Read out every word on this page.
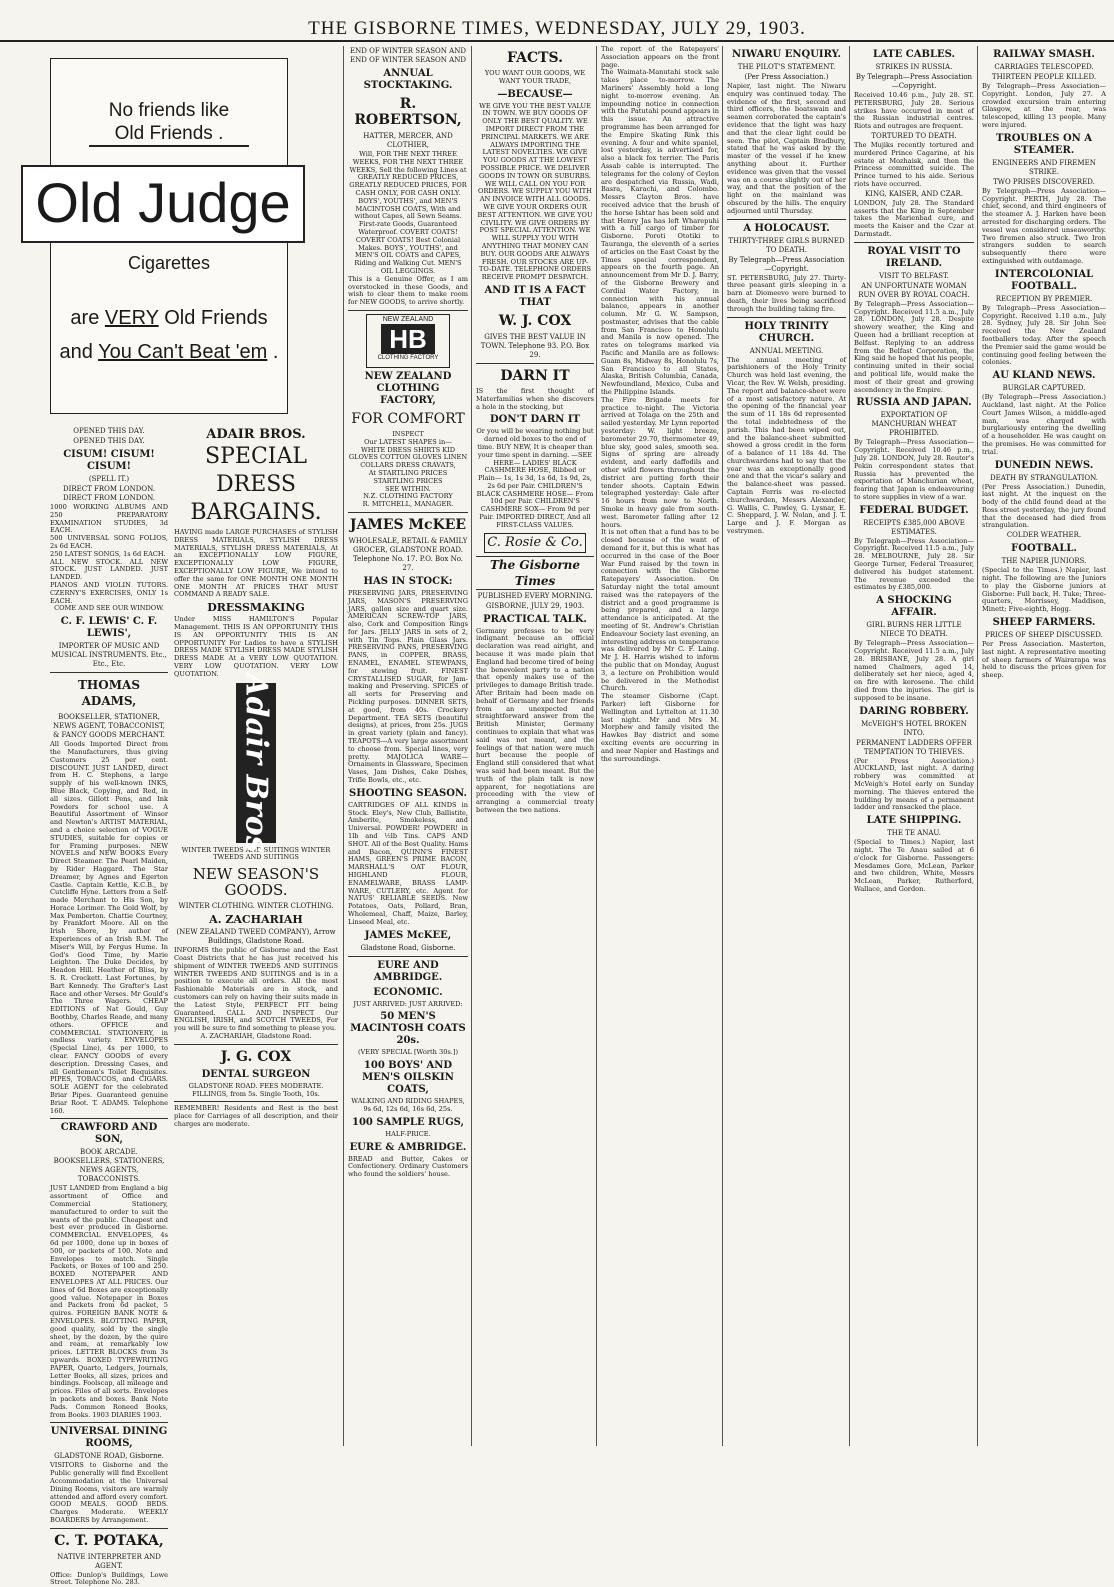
THE GISBORNE TIMES, WEDNESDAY, JULY 29, 1903.
No friends like
Old Friends .
Old Judge
Cigarettes
are VERY Old Friends
and You Can't Beat 'em .
OPENED THIS DAY.
OPENED THIS DAY.
CISUM! CISUM! CISUM!
(SPELL IT.)
DIRECT FROM LONDON. DIRECT FROM LONDON.
1000 WORKING ALBUMS AND 250 PREPARATORY EXAMINATION STUDIES, 3d EACH.
500 UNIVERSAL SONG FOLIOS, 2s 6d EACH.
250 LATEST SONGS, 1s 6d EACH.
ALL NEW STOCK. ALL NEW STOCK. JUST LANDED. JUST LANDED.
PIANOS AND VIOLIN TUTORS. CZERNY'S EXERCISES, ONLY 1s EACH.
COME AND SEE OUR WINDOW.
C. F. LEWIS' C. F. LEWIS',
IMPORTER OF MUSIC AND MUSICAL INSTRUMENTS. Etc., Etc., Etc.
THOMAS ADAMS,
BOOKSELLER, STATIONER, NEWS AGENT, TOBACCONIST, & FANCY GOODS MERCHANT.
All Goods Imported Direct from the Manufacturers, thus giving Customers 25 per cent. DISCOUNT. JUST LANDED, direct from H. C. Stephens, a large supply of his well-known INKS, Blue Black, Copying, and Red, in all sizes. Gillott Pens, and Ink Powders for school use. A Beautiful Assortment of Winsor and Newton's ARTIST MATERIAL, and a choice selection of VOGUE STUDIES, suitable for copies or for Framing purposes. NEW NOVELS and NEW BOOKS Every Direct Steamer. The Pearl Maiden, by Rider Haggard. The Star Dreamer, by Agnes and Egerton Castle. Captain Kettle, K.C.B., by Cutcliffe Hyne. Letters from a Self-made Merchant to His Son, by Horace Lorimer. The Gold Wolf, by Max Pemberton. Chattie Courtney, by Frankfort Moore. All on the Irish Shore, by author of Experiences of an Irish R.M. The Miser's Will, by Fergus Hume. In God's Good Time, by Marie Leighton. The Duke Decides, by Headon Hill. Heather of Bliss, by S. R. Crockett. Last Fortunes, by Bart Kennedy. The Grafter's Last Race and other Verses. Mr Gould's The Three Wagers. CHEAP EDITIONS of Nat Gould, Guy Boothby, Charles Reade, and many others. OFFICE and COMMERCIAL STATIONERY, in endless variety. ENVELOPES (Special Line), 4s per 1000, to clear. FANCY GOODS of every description. Dressing Cases, and all Gentlemen's Toilet Requisites. PIPES, TOBACCOS, and CIGARS. SOLE AGENT for the celebrated Briar Pipes. Guaranteed genuine Briar Root. T. ADAMS. Telephone 160.
CRAWFORD AND SON,
BOOK ARCADE. BOOKSELLERS, STATIONERS, NEWS AGENTS, TOBACCONISTS.
JUST LANDED from England a big assortment of Office and Commercial Stationery, manufactured to order to suit the wants of the public. Cheapest and best ever produced in Gisborne. COMMERCIAL ENVELOPES, 4s 6d per 1000, done up in boxes of 500, or packets of 100. Note and Envelopes to match. Single Packets, or Boxes of 100 and 250. BOXED NOTEPAPER AND ENVELOPES AT ALL PRICES. Our lines of 6d Boxes are exceptionally good value. Notepaper in Boxes and Packets from 6d packet, 5 quires. FOREIGN BANK NOTE & ENVELOPES. BLOTTING PAPER, good quality, sold by the single sheet, by the dozen, by the quire and ream, at remarkably low prices. LETTER BLOCKS from 3s upwards. BOXED TYPEWRITING PAPER, Quarto, Ledgers, Journals, Letter Books, all sizes, prices and bindings. Foolscap, all mileage and prices. Files of all sorts. Envelopes in packets and boxes. Bank Note Pads. Common Roneed Books, from Books. 1903 DIARIES 1903.
UNIVERSAL DINING ROOMS,
GLADSTONE ROAD, Gisborne.
VISITORS to Gisborne and the Public generally will find Excellent Accommodation at the Universal Dining Rooms, visitors are warmly attended and afford every comfort. GOOD MEALS. GOOD BEDS. Charges Moderate. WEEKLY BOARDERS by Arrangement.
C. T. POTAKA,
NATIVE INTERPRETER AND AGENT.
Office: Dunlop's Buildings, Lowe Street. Telephone No. 283.
ADAIR BROS.
SPECIAL
DRESS
BARGAINS.
HAVING made LARGE PURCHASES of STYLISH DRESS MATERIALS, STYLISH DRESS MATERIALS, STYLISH DRESS MATERIALS, At an EXCEPTIONALLY LOW FIGURE, EXCEPTIONALLY LOW FIGURE, EXCEPTIONALLY LOW FIGURE, We intend to offer the same for ONE MONTH ONE MONTH ONE MONTH AT PRICES THAT MUST COMMAND A READY SALE.
DRESSMAKING
Under MISS HAMILTON'S Popular Management. THIS IS AN OPPORTUNITY THIS IS AN OPPORTUNITY THIS IS AN OPPORTUNITY For Ladies to have a STYLISH DRESS MADE STYLISH DRESS MADE STYLISH DRESS MADE At a VERY LOW QUOTATION. VERY LOW QUOTATION. VERY LOW QUOTATION. Adair Bros
WINTER TWEEDS AND SUITINGS WINTER TWEEDS AND SUITINGS
NEW SEASON'S GOODS.
WINTER CLOTHING. WINTER CLOTHING.
A. ZACHARIAH
(NEW ZEALAND TWEED COMPANY), Arrow Buildings, Gladstone Road.
INFORMS the public of Gisborne and the East Coast Districts that he has just received his shipment of WINTER TWEEDS AND SUITINGS WINTER TWEEDS AND SUITINGS and is in a position to execute all orders. All the most Fashionable Materials are in stock, and customers can rely on having their suits made in the Latest Style, PERFECT FIT being Guaranteed. CALL AND INSPECT Our ENGLISH, IRISH, and SCOTCH TWEEDS, For you will be sure to find something to please you.
A. ZACHARIAH, Gladstone Road.
J. G. COX
DENTAL SURGEON
GLADSTONE ROAD. FEES MODERATE. FILLINGS, from 5s. Single Tooth, 10s.
REMEMBER! Residents and Rest is the best place for Carriages of all description, and their charges are moderate.
END OF WINTER SEASON AND END OF WINTER SEASON AND
ANNUAL STOCKTAKING.
R. ROBERTSON,
HATTER, MERCER, AND CLOTHIER,
Will, FOR THE NEXT THREE WEEKS, FOR THE NEXT THREE WEEKS, Sell the following Lines at GREATLY REDUCED PRICES, GREATLY REDUCED PRICES, FOR CASH ONLY, FOR CASH ONLY. BOYS', YOUTHS', and MEN'S MACINTOSH COATS, With and without Capes, all Sewn Seams. First-rate Goods, Guaranteed Waterproof. COVERT COATS! COVERT COATS! Best Colonial Makes. BOYS', YOUTHS', and MEN'S OIL COATS and CAPES, Riding and Walking Cut. MEN'S OIL LEGGINGS.
This is a Genuine Offer, as I am overstocked in these Goods, and wish to clear them to make room for NEW GOODS, to arrive shortly.
NEW ZEALAND
HB
CLOTHING FACTORY
NEW ZEALAND CLOTHING FACTORY,
FOR COMFORT
INSPECT
Our LATEST SHAPES in—
WHITE DRESS SHIRTS KID GLOVES COTTON GLOVES LINEN COLLARS DRESS CRAVATS,
At STARTLING PRICES STARTLING PRICES
SEE WITHIN.
N.Z. CLOTHING FACTORY
R. MITCHELL, MANAGER.
JAMES McKEE
WHOLESALE, RETAIL & FAMILY GROCER, GLADSTONE ROAD. Telephone No. 17. P.O. Box No. 27.
HAS IN STOCK:
PRESERVING JARS, PRESERVING JARS, MASON'S PRESERVING JARS, gallon size and quart size. AMERICAN SCREW-TOP JARS, also, Cork and Composition Rings for Jars. JELLY JARS in sets of 2, with Tin Tops. Plain Glass Jars. PRESERVING PANS, PRESERVING PANS, in COPPER, BRASS, ENAMEL, ENAMEL STEWPANS, for stewing fruit. FINEST CRYSTALLISED SUGAR, for Jam-making and Preserving. SPICES of all sorts for Preserving and Pickling purposes. DINNER SETS, at good, from 40s. Crockery Department. TEA SETS (beautiful designs), at prices, from 25s. JUGS in great variety (plain and fancy). TEAPOTS—A very large assortment to choose from. Special lines, very pretty. MAJOLICA WARE—Ornaments in Glassware, Specimen Vases, Jam Dishes, Cake Dishes, Trifle Bowls, etc., etc.
SHOOTING SEASON.
CARTRIDGES OF ALL KINDS in Stock. Eley's, New Club, Ballistite, Amberite, Smokeless, and Universal. POWDER! POWDER! in 1lb and ½lb Tins. CAPS AND SHOT. All of the Best Quality. Hams and Bacon, QUINN'S FINEST HAMS, GREEN'S PRIME BACON, MARSHALL'S OAT FLOUR, HIGHLAND FLOUR, ENAMELWARE, BRASS LAMP-WARE, CUTLERY, etc. Agent for NATUS' RELIABLE SEEDS. New Potatoes, Oats, Pollard, Bran, Wholemeal, Chaff, Maize, Barley, Linseed Meal, etc.
JAMES McKEE,
Gladstone Road, Gisborne.
EURE AND AMBRIDGE.
ECONOMIC.
JUST ARRIVED: JUST ARRIVED:
50 MEN'S MACINTOSH COATS 20s.
(VERY SPECIAL [Worth 30s.])
100 BOYS' AND MEN'S OILSKIN COATS,
WALKING AND RIDING SHAPES, 9s 6d, 12s 6d, 16s 6d, 25s.
100 SAMPLE RUGS,
HALF-PRICE.
EURE & AMBRIDGE.
BREAD and Butter, Cakes or Confectionery. Ordinary Customers who found the soldiers' house.
FACTS.
YOU WANT OUR GOODS, WE WANT YOUR TRADE,
—BECAUSE—
WE GIVE YOU THE BEST VALUE IN TOWN. WE BUY GOODS OF ONLY THE BEST QUALITY. WE IMPORT DIRECT FROM THE PRINCIPAL MARKETS. WE ARE ALWAYS IMPORTING THE LATEST NOVELTIES. WE GIVE YOU GOODS AT THE LOWEST POSSIBLE PRICE. WE DELIVER GOODS IN TOWN OR SUBURBS. WE WILL CALL ON YOU FOR ORDERS. WE SUPPLY YOU WITH AN INVOICE WITH ALL GOODS. WE GIVE YOUR ORDERS OUR BEST ATTENTION. WE GIVE YOU CIVILITY. WE GIVE ORDERS BY POST SPECIAL ATTENTION. WE WILL SUPPLY YOU WITH ANYTHING THAT MONEY CAN BUY. OUR GOODS ARE ALWAYS FRESH. OUR STOCKS ARE UP-TO-DATE. TELEPHONE ORDERS RECEIVE PROMPT DESPATCH.
AND IT IS A FACT THAT
W. J. COX
GIVES THE BEST VALUE IN TOWN. Telephone 93. P.O. Box 29.
DARN IT
IS the first thought of Materfamilias when she discovers a hole in the stocking, but
DON'T DARN IT
Or you will be wearing nothing but darned old boxes to the end of time. BUY NEW, It is cheaper than your time spent in darning. —SEE HERE— LADIES' BLACK CASHMERE HOSE, Ribbed or Plain— 1s, 1s 3d, 1s 6d, 1s 9d, 2s, 2s 6d per Pair. CHILDREN'S BLACK CASHMERE HOSE— From 10d per Pair. CHILDREN'S CASHMERE SOX— From 9d per Pair. IMPORTED DIRECT, And all FIRST-CLASS VALUES.
C. Rosie & Co.
The Gisborne Times
PUBLISHED EVERY MORNING.
GISBORNE, JULY 29, 1903.
PRACTICAL TALK.
Germany professes to be very indignant because an official declaration was read airight, and because it was made plain that England had become tired of being the benevolent party to a nation that openly makes use of the privileges to damage British trade. After Britain had been made on behalf of Germany and her friends from an unexpected and straightforward answer from the British Minister, Germany continues to explain that what was said was not meant, and the feelings of that nation were much hurt because the people of England still considered that what was said had been meant. But the truth of the plain talk is now apparent, for negotiations are proceeding with the view of arranging a commercial treaty between the two nations.
The report of the Ratepayers' Association appears on the front page.
The Waimata-Manutahi stock sale takes place to-morrow. The Mariners' Assembly hold a long night to-morrow evening. An impounding notice in connection with the Patutahi pound appears in this issue. An attractive programme has been arranged for the Empire Skating Rink this evening. A four and white spaniel, lost yesterday, is advertised for, also a black fox terrier. The Paris Assab cable is interrupted. The telegrams for the colony of Ceylon are despatched via Russia, Wadi, Basra, Karachi, and Colombo. Messrs Clayton Bros. have received advice that the brush of the horse Ishtar has been sold and that Henry Jas has left Wharepuhi with a full cargo of timber for Gisborne. Poroti Ototiki to Tauranga, the eleventh of a series of articles on the East Coast by the Times special correspondent, appears on the fourth page. An announcement from Mr D. J. Barry, of the Gisborne Brewery and Cordial Water Factory, in connection with his annual balance, appears in another column. Mr G. W. Sampson, postmaster, advises that the cable from San Francisco to Honolulu and Manila is now opened. The rates on telegrams marked via Pacific and Manila are as follows: Guam 8s, Midway 8s, Honolulu 7s, San Francisco to all States, Alaska, British Columbia, Canada, Newfoundland, Mexico, Cuba and the Philippine Islands.
The Fire Brigade meets for practice to-night. The Victoria arrived at Tolaga on the 25th and sailed yesterday. Mr Lynn reported yesterday: W. light breeze, barometer 29.70, thermometer 49, blue sky, good sales, smooth sea. Signs of spring are already evident, and early daffodils and other wild flowers throughout the district are putting forth their tender shoots. Captain Edwin telegraphed yesterday: Gale after 16 hours from now to North. Smoke in heavy gale from south-west. Barometer falling after 12 hours.
It is not often that a fund has to be closed because of the want of demand for it, but this is what has occurred in the case of the Boer War Fund raised by the town in connection with the Gisborne Ratepayers' Association. On Saturday night the total amount raised was the ratepayers of the district and a good programme is being prepared, and a large attendance is anticipated. At the meeting of St. Andrew's Christian Endeavour Society last evening, an interesting address on temperance was delivered by Mr C. F. Laing. Mr J. H. Harris wished to inform the public that on Monday, August 3, a lecture on Prohibition would be delivered in the Methodist Church.
The steamer Gisborne (Capt. Parker) left Gisborne for Wellington and Lyttelton at 11.30 last night. Mr and Mrs M. Morphew and family visited the Hawkes Bay district and some exciting events are occurring in and near Napier and Hastings and the surroundings.
NIWARU ENQUIRY.
THE PILOT'S STATEMENT.
(Per Press Association.)
Napier, last night. The Niwaru enquiry was continued today. The evidence of the first, second and third officers, the boatswain and seamen corroborated the captain's evidence that the light was hazy and that the clear light could be seen. The pilot, Captain Bradbury, stated that he was asked by the master of the vessel if he knew anything about it. Further evidence was given that the vessel was on a course slightly out of her way, and that the position of the light on the mainland was obscured by the hills. The enquiry adjourned until Thursday.
A HOLOCAUST.
THIRTY-THREE GIRLS BURNED TO DEATH.
By Telegraph—Press Association—Copyright.
ST. PETERSBURG, July 27. Thirty-three peasant girls sleeping in a barn at Diomeevo were burned to death, their lives being sacrificed through the building taking fire.
HOLY TRINITY CHURCH.
ANNUAL MEETING.
The annual meeting of parishioners of the Holy Trinity Church was held last evening, the Vicar, the Rev. W. Welsh, presiding. The report and balance-sheet were of a most satisfactory nature. At the opening of the financial year the sum of 11 18s 6d represented the total indebtedness of the parish. This had been wiped out, and the balance-sheet submitted showed a gross credit in the form of a balance of 11 18s 4d. The churchwardens had to say that the year was an exceptionally good one and that the vicar's salary and the balance-sheet was passed. Captain Ferris was re-elected churchwarden, Messrs Alexander, G. Wallis, C. Pawley, G. Lysnar, E. C. Sheppard, J. W. Nolan, and J. T. Large and J. F. Morgan as vestrymen.
LATE CABLES.
STRIKES IN RUSSIA.
By Telegraph—Press Association—Copyright.
Received 10.46 p.m., July 28. ST. PETERSBURG, July 28. Serious strikes have occurred in most of the Russian industrial centres. Riots and outrages are frequent.
TORTURED TO DEATH.
The Mujiks recently tortured and murdered Prince Cagarine, at his estate at Mozhaisk, and then the Princess committed suicide. The Prince turned to his aide. Serious riots have occurred.
KING, KAISER, AND CZAR.
LONDON, July 28. The Standard asserts that the King in September takes the Marienbad cure, and meets the Kaiser and the Czar at Darmstadt.
ROYAL VISIT TO IRELAND.
VISIT TO BELFAST.
AN UNFORTUNATE WOMAN RUN OVER BY ROYAL COACH.
By Telegraph—Press Association—Copyright. Received 11.5 a.m., July 28. LONDON, July 28. Despite showery weather, the King and Queen had a brilliant reception at Belfast. Replying to an address from the Belfast Corporation, the King said he hoped that his people, continuing united in their social and political life, would make the most of their great and growing ascendency in the Empire.
RUSSIA AND JAPAN.
EXPORTATION OF MANCHURIAN WHEAT PROHIBITED.
By Telegraph—Press Association—Copyright. Received 10.46 p.m., July 28. LONDON, July 28. Reuter's Pekin correspondent states that Russia has prevented the exportation of Manchurian wheat, fearing that Japan is endeavouring to store supplies in view of a war.
FEDERAL BUDGET.
RECEIPTS £385,000 ABOVE ESTIMATES.
By Telegraph—Press Association—Copyright. Received 11.5 a.m., July 28. MELBOURNE, July 28. Sir George Turner, Federal Treasurer, delivered his budget statement. The revenue exceeded the estimates by £385,000.
A SHOCKING AFFAIR.
GIRL BURNS HER LITTLE NIECE TO DEATH.
By Telegraph—Press Association—Copyright. Received 11.5 a.m., July 28. BRISBANE, July 28. A girl named Chalmers, aged 14, deliberately set her niece, aged 4, on fire with kerosene. The child died from the injuries. The girl is supposed to be insane.
DARING ROBBERY.
McVEIGH'S HOTEL BROKEN INTO.
PERMANENT LADDERS OFFER TEMPTATION TO THIEVES.
(Per Press Association.) AUCKLAND, last night. A daring robbery was committed at McVeigh's Hotel early on Sunday morning. The thieves entered the building by means of a permanent ladder and ransacked the place.
LATE SHIPPING.
THE TE ANAU.
(Special to Times.) Napier, last night. The Te Anau sailed at 6 o'clock for Gisborne. Passengers: Mesdames Gore, McLean, Parker and two children, White, Messrs McLean, Parker, Rutherford, Wallace, and Gordon.
RAILWAY SMASH.
CARRIAGES TELESCOPED.
THIRTEEN PEOPLE KILLED.
By Telegraph—Press Association—Copyright. London, July 27. A crowded excursion train entering Glasgow, at the rear, was telescoped, killing 13 people. Many were injured.
TROUBLES ON A STEAMER.
ENGINEERS AND FIREMEN STRIKE.
TWO PRISES DISCOVERED.
By Telegraph—Press Association—Copyright. PERTH, July 28. The chief, second, and third engineers of the steamer A. J. Harken have been arrested for discharging orders. The vessel was considered unseaworthy. Two firemen also struck. Two Iron strangers sudden to search subsequently there were extinguished with outdamage.
INTERCOLONIAL FOOTBALL.
RECEPTION BY PREMIER.
By Telegraph—Press Association—Copyright. Received 1.10 a.m., July 28. Sydney, July 28. Sir John See received the New Zealand footballers today. After the speech the Premier said the game would be continuing good feeling between the colonies.
AU KLAND NEWS.
BURGLAR CAPTURED.
(By Telegraph—Press Association.) Auckland, last night. At the Police Court James Wilson, a middle-aged man, was charged with burglariously entering the dwelling of a householder. He was caught on the premises. He was committed for trial.
DUNEDIN NEWS.
DEATH BY STRANGULATION.
(Per Press Association.) Dunedin, last night. At the inquest on the body of the child found dead at the Ross street yesterday, the jury found that the deceased had died from strangulation.
COLDER WEATHER.
FOOTBALL.
THE NAPIER JUNIORS.
(Special to the Times.) Napier, last night. The following are the Juniors to play the Gisborne juniors at Gisborne: Full back, H. Tuke; Three-quarters, Morrissey, Maddison, Minett; Five-eighth, Hogg.
SHEEP FARMERS.
PRICES OF SHEEP DISCUSSED.
Per Press Association. Masterton, last night. A representative meeting of sheep farmers of Wairarapa was held to discuss the prices given for sheep.
